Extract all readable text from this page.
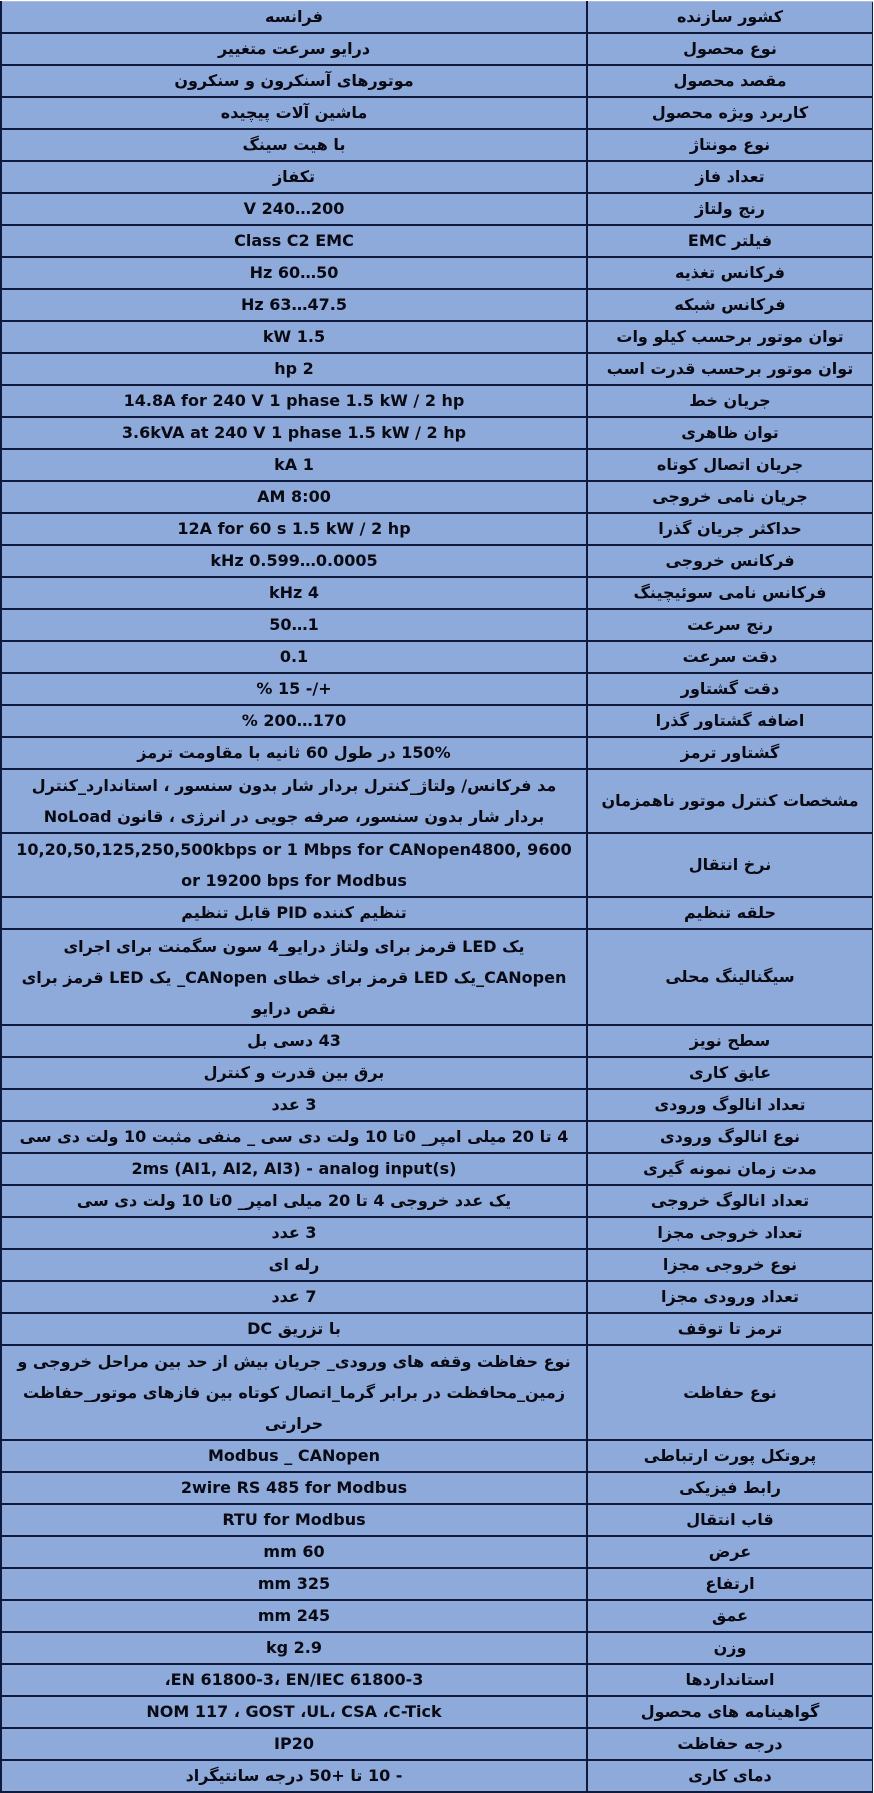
کشور سازنده	فرانسه
نوع محصول	درایو سرعت متغییر
مقصد محصول	موتورهای آسنکرون و سنکرون
کاربرد ویژه محصول	ماشین آلات پیچیده
نوع مونتاژ	با هیت سینگ
تعداد فاز	تکفاز
رنج ولتاژ	200…240 V
فیلتر EMC	Class C2 EMC
فرکانس تغذیه	50…60 Hz
فرکانس شبکه	47.5…63 Hz
توان موتور برحسب کیلو وات	1.5 kW
توان موتور برحسب قدرت اسب	2 hp
جریان خط	14.8A for 240 V 1 phase 1.5 kW / 2 hp
توان ظاهری	3.6kVA at 240 V 1 phase 1.5 kW / 2 hp
جریان اتصال کوتاه	1 kA
جریان نامی خروجی	8:00 AM
حداکثر جریان گذرا	12A for 60 s 1.5 kW / 2 hp
فرکانس خروجی	0.0005…0.599 kHz
فرکانس نامی سوئیچینگ	4 kHz
رنج سرعت	1…50
دقت سرعت	0.1
دقت گشتاور	+/- 15 %
اضافه گشتاور گذرا	170…200 %
گشتاور ترمز	150% در طول 60 ثانیه با مقاومت ترمز
مشخصات کنترل موتور ناهمزمان	مد فرکانس/ ولتاژ_کنترل بردار شار بدون سنسور ، استاندارد_کنترل بردار شار بدون سنسور، صرفه جویی در انرژی ، قانون NoLoad
نرخ انتقال	10,20,50,125,250,500kbps or 1 Mbps for CANopen4800, 9600 or 19200 bps for Modbus
حلقه تنظیم	تنظیم کننده PID قابل تنظیم
سیگنالینگ محلی	یک LED قرمز برای ولتاژ درایو_4 سون سگمنت برای اجرای CANopen_یک LED قرمز برای خطای CANopen_ یک LED قرمز برای نقص درایو
سطح نویز	43 دسی بل
عایق کاری	برق بین قدرت و کنترل
تعداد انالوگ ورودی	3 عدد
نوع انالوگ ورودی	4 تا 20 میلی امپر_ 0تا 10 ولت دی سی _ منفی مثبت 10 ولت دی سی
مدت زمان نمونه گیری	2ms (AI1, AI2, AI3) - analog input(s)
تعداد انالوگ خروجی	یک عدد خروجی 4 تا 20 میلی امپر_ 0تا 10 ولت دی سی
تعداد خروجی مجزا	3 عدد
نوع خروجی مجزا	رله ای
تعداد ورودی مجزا	7 عدد
ترمز تا توقف	با تزریق DC
نوع حفاظت	نوع حفاظت وقفه های ورودی_ جریان بیش از حد بین مراحل خروجی و زمین_محافظت در برابر گرما_اتصال کوتاه بین فازهای موتور_حفاظت حرارتی
پروتکل پورت ارتباطی	Modbus _ CANopen
رابط فیزیکی	2wire RS 485 for Modbus
قاب انتقال	RTU for Modbus
عرض	60 mm
ارتفاع	325 mm
عمق	245 mm
وزن	2.9 kg
استانداردها	EN 61800-3، EN/IEC 61800-3،
گواهینامه های محصول	NOM 117 ، GOST ،UL، CSA ،C-Tick
درجه حفاظت	IP20
دمای کاری	- 10 تا +50 درجه سانتیگراد
